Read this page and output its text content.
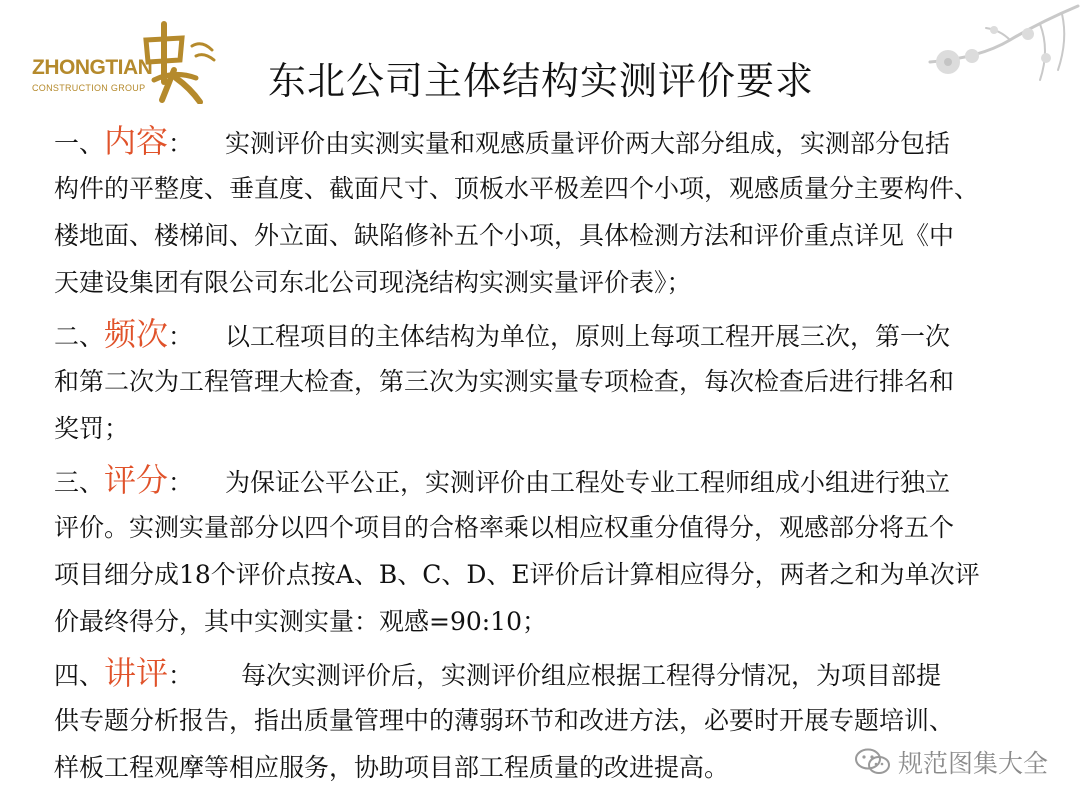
ZHONGTIAN
CONSTRUCTION GROUP	东北公司主体结构实测评价要求
一、内容： 实测评价由实测实量和观感质量评价两大部分组成，实测部分包括
构件的平整度、垂直度、截面尺寸、顶板水平极差四个小项，观感质量分主要构件、
楼地面、楼梯间、外立面、缺陷修补五个小项，具体检测方法和评价重点详见《中
天建设集团有限公司东北公司现浇结构实测实量评价表》；
二、频次： 以工程项目的主体结构为单位，原则上每项工程开展三次，第一次
和第二次为工程管理大检查，第三次为实测实量专项检查，每次检查后进行排名和
奖罚；
三、评分： 为保证公平公正，实测评价由工程处专业工程师组成小组进行独立
评价。实测实量部分以四个项目的合格率乘以相应权重分值得分，观感部分将五个
项目细分成18个评价点按A、B、C、D、E评价后计算相应得分，两者之和为单次评
价最终得分，其中实测实量：观感=90:10；
四、讲评： 每次实测评价后，实测评价组应根据工程得分情况，为项目部提
供专题分析报告，指出质量管理中的薄弱环节和改进方法，必要时开展专题培训、
样板工程观摩等相应服务，协助项目部工程质量的改进提高。	规范图集大全
